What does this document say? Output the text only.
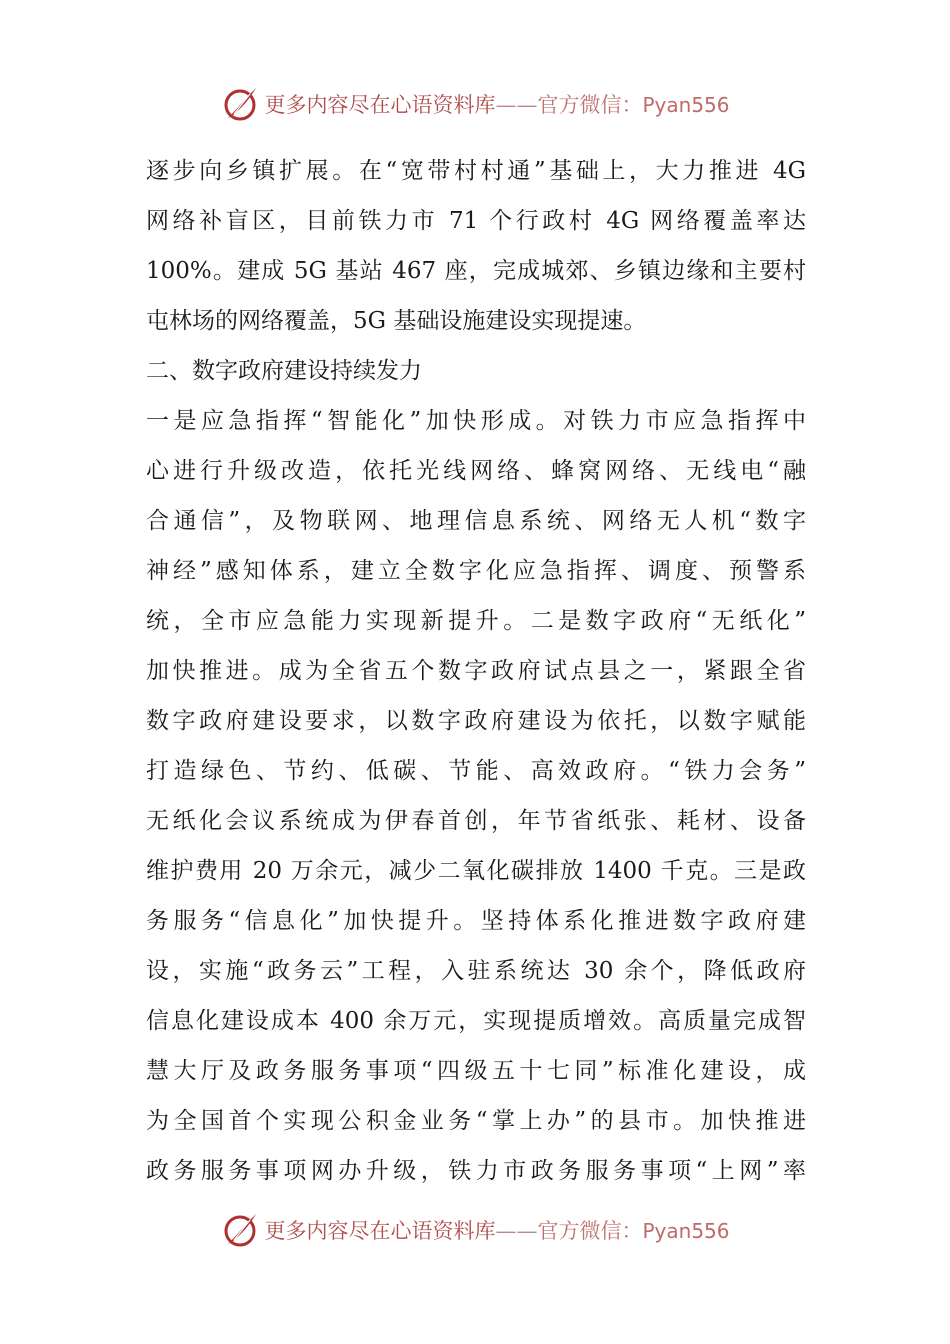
更多内容尽在心语资料库——官方微信：Pyan556
逐步向乡镇扩展。在“宽带村村通”基础上，大力推进 4G
网络补盲区，目前铁力市 71 个行政村 4G 网络覆盖率达
100%。建成 5G 基站 467 座，完成城郊、乡镇边缘和主要村
屯林场的网络覆盖，5G 基础设施建设实现提速。
二、数字政府建设持续发力
一是应急指挥“智能化”加快形成。对铁力市应急指挥中
心进行升级改造，依托光线网络、蜂窝网络、无线电“融
合通信”，及物联网、地理信息系统、网络无人机“数字
神经”感知体系，建立全数字化应急指挥、调度、预警系
统，全市应急能力实现新提升。二是数字政府“无纸化”
加快推进。成为全省五个数字政府试点县之一，紧跟全省
数字政府建设要求，以数字政府建设为依托，以数字赋能
打造绿色、节约、低碳、节能、高效政府。“铁力会务”
无纸化会议系统成为伊春首创，年节省纸张、耗材、设备
维护费用 20 万余元，减少二氧化碳排放 1400 千克。三是政
务服务“信息化”加快提升。坚持体系化推进数字政府建
设，实施“政务云”工程，入驻系统达 30 余个，降低政府
信息化建设成本 400 余万元，实现提质增效。高质量完成智
慧大厅及政务服务事项“四级五十七同”标准化建设，成
为全国首个实现公积金业务“掌上办”的县市。加快推进
政务服务事项网办升级，铁力市政务服务事项“上网”率
更多内容尽在心语资料库——官方微信：Pyan556
